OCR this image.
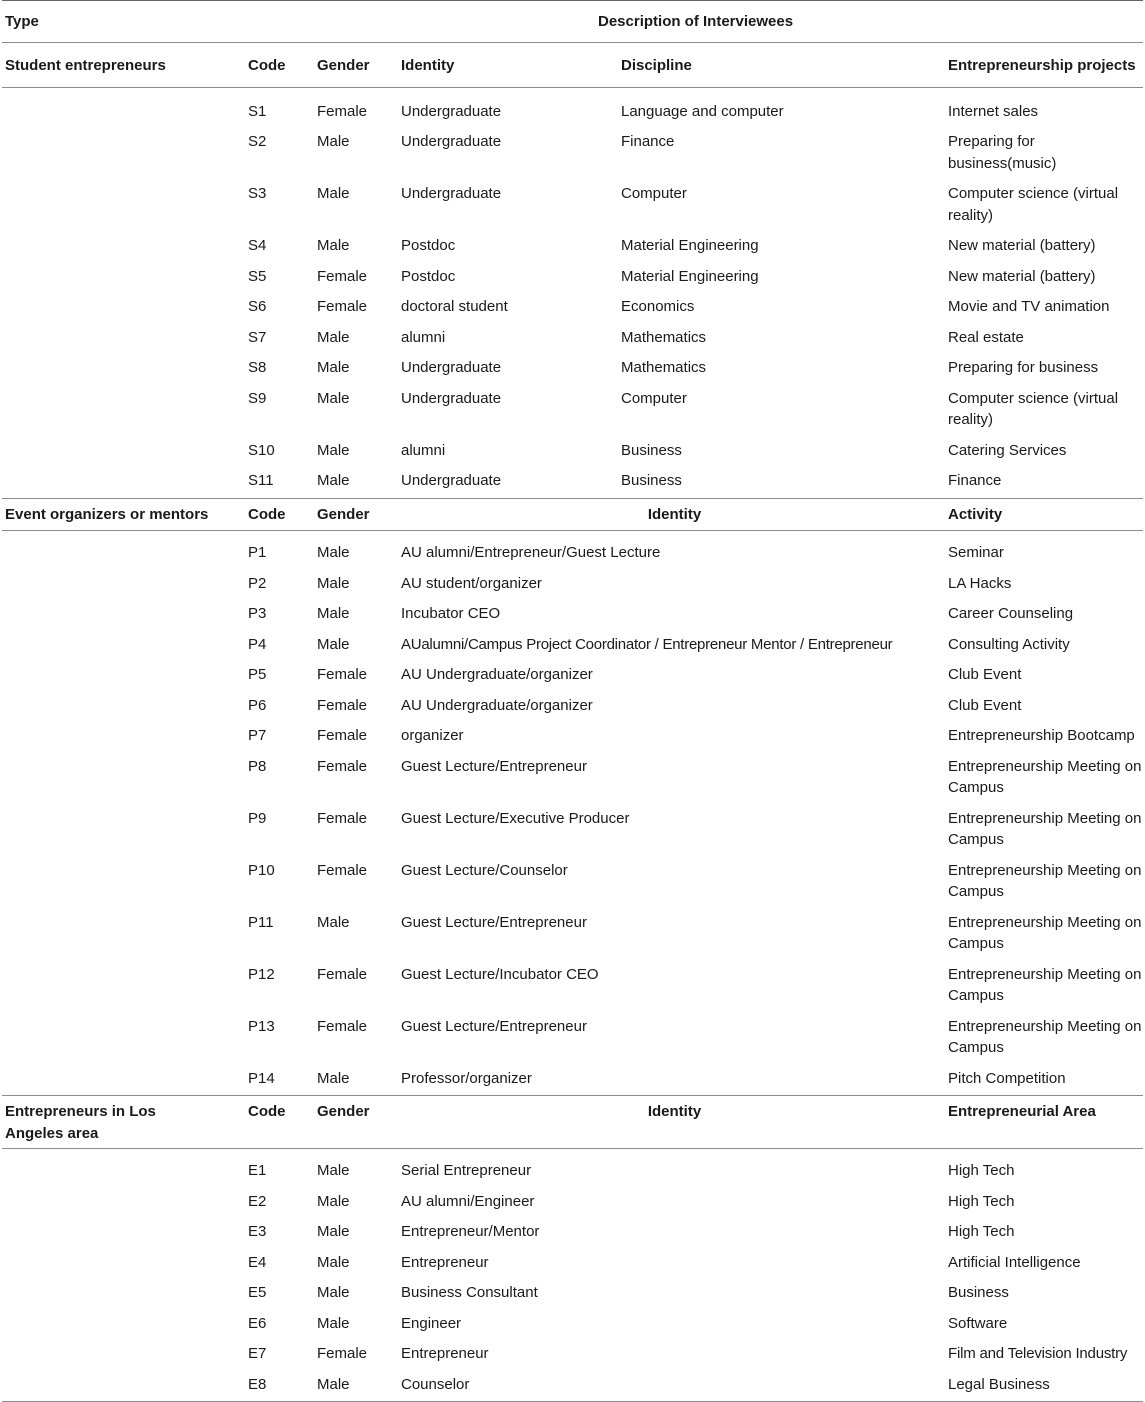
Type	Description of Interviewees				
Student entrepreneurs	Code	Gender	Identity	Discipline	Entrepreneurship projects
	S1	Female	Undergraduate	Language and computer	Internet sales
	S2	Male	Undergraduate	Finance	Preparing for business(music)
	S3	Male	Undergraduate	Computer	Computer science (virtual reality)
	S4	Male	Postdoc	Material Engineering	New material (battery)
	S5	Female	Postdoc	Material Engineering	New material (battery)
	S6	Female	doctoral student	Economics	Movie and TV animation
	S7	Male	alumni	Mathematics	Real estate
	S8	Male	Undergraduate	Mathematics	Preparing for business
	S9	Male	Undergraduate	Computer	Computer science (virtual reality)
	S10	Male	alumni	Business	Catering Services
	S11	Male	Undergraduate	Business	Finance
Event organizers or mentors	Code	Gender	Identity		Activity
	P1	Male	AU alumni/Entrepreneur/Guest Lecture		Seminar
	P2	Male	AU student/organizer		LA Hacks
	P3	Male	Incubator CEO		Career Counseling
	P4	Male	AUalumni/Campus Project Coordinator / Entrepreneur Mentor / Entrepreneur		Consulting Activity
	P5	Female	AU Undergraduate/organizer		Club Event
	P6	Female	AU Undergraduate/organizer		Club Event
	P7	Female	organizer		Entrepreneurship Bootcamp
	P8	Female	Guest Lecture/Entrepreneur		Entrepreneurship Meeting on Campus
	P9	Female	Guest Lecture/Executive Producer		Entrepreneurship Meeting on Campus
	P10	Female	Guest Lecture/Counselor		Entrepreneurship Meeting on Campus
	P11	Male	Guest Lecture/Entrepreneur		Entrepreneurship Meeting on Campus
	P12	Female	Guest Lecture/Incubator CEO		Entrepreneurship Meeting on Campus
	P13	Female	Guest Lecture/Entrepreneur		Entrepreneurship Meeting on Campus
	P14	Male	Professor/organizer		Pitch Competition
Entrepreneurs in Los Angeles area	Code	Gender	Identity		Entrepreneurial Area
	E1	Male	Serial Entrepreneur		High Tech
	E2	Male	AU alumni/Engineer		High Tech
	E3	Male	Entrepreneur/Mentor		High Tech
	E4	Male	Entrepreneur		Artificial Intelligence
	E5	Male	Business Consultant		Business
	E6	Male	Engineer		Software
	E7	Female	Entrepreneur		Film and Television Industry
	E8	Male	Counselor		Legal Business
